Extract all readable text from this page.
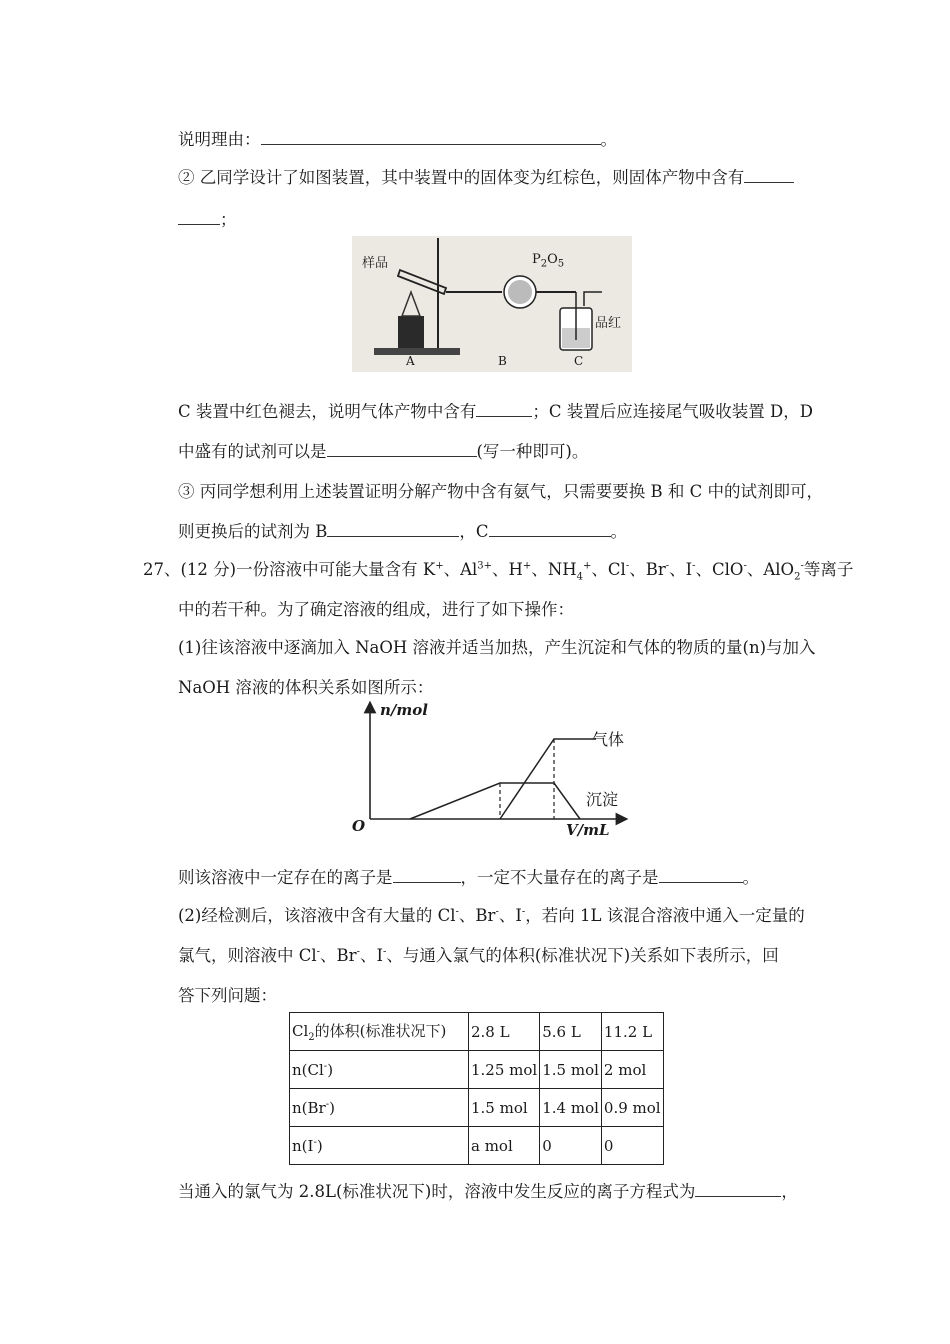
说明理由：	。
② 乙同学设计了如图装置，其中装置中的固体变为红棕色，则固体产物中含有
；
样品	$P_2O_5$
品红
A	B	C
C 装置中红色褪去，说明气体产物中含有	；C 装置后应连接尾气吸收装置 D，D
中盛有的试剂可以是	(写一种即可)。
③ 丙同学想利用上述装置证明分解产物中含有氨气，只需要要换 B 和 C 中的试剂即可，
则更换后的试剂为 B	，C	。
27、(12 分)一份溶液中可能大量含有 K+、$Al^{3+}$、H+、$NH_4^+$、Cl-、Br-、I-、ClO-、AlO$_2$-等离子
中的若干种。为了确定溶液的组成，进行了如下操作：
(1)往该溶液中逐滴加入 NaOH 溶液并适当加热，产生沉淀和气体的物质的量(n)与加入
NaOH 溶液的体积关系如图所示：
n/mol
V/mL
O
气体
沉淀
则该溶液中一定存在的离子是	，一定不大量存在的离子是	。
(2)经检测后，该溶液中含有大量的 Cl-、Br-、I-，若向 1L 该混合溶液中通入一定量的
氯气，则溶液中 Cl-、Br-、I-、与通入氯气的体积(标准状况下)关系如下表所示，回
答下列问题：
$Cl_2$的体积(标准状况下)	2.8 L	5.6 L	11.2 L
n(Cl-)	1.25 mol	1.5 mol	2 mol
n(Br-)	1.5 mol	1.4 mol	0.9 mol
n(I-)	a mol	0	0
当通入的氯气为 2.8L(标准状况下)时，溶液中发生反应的离子方程式为	，
